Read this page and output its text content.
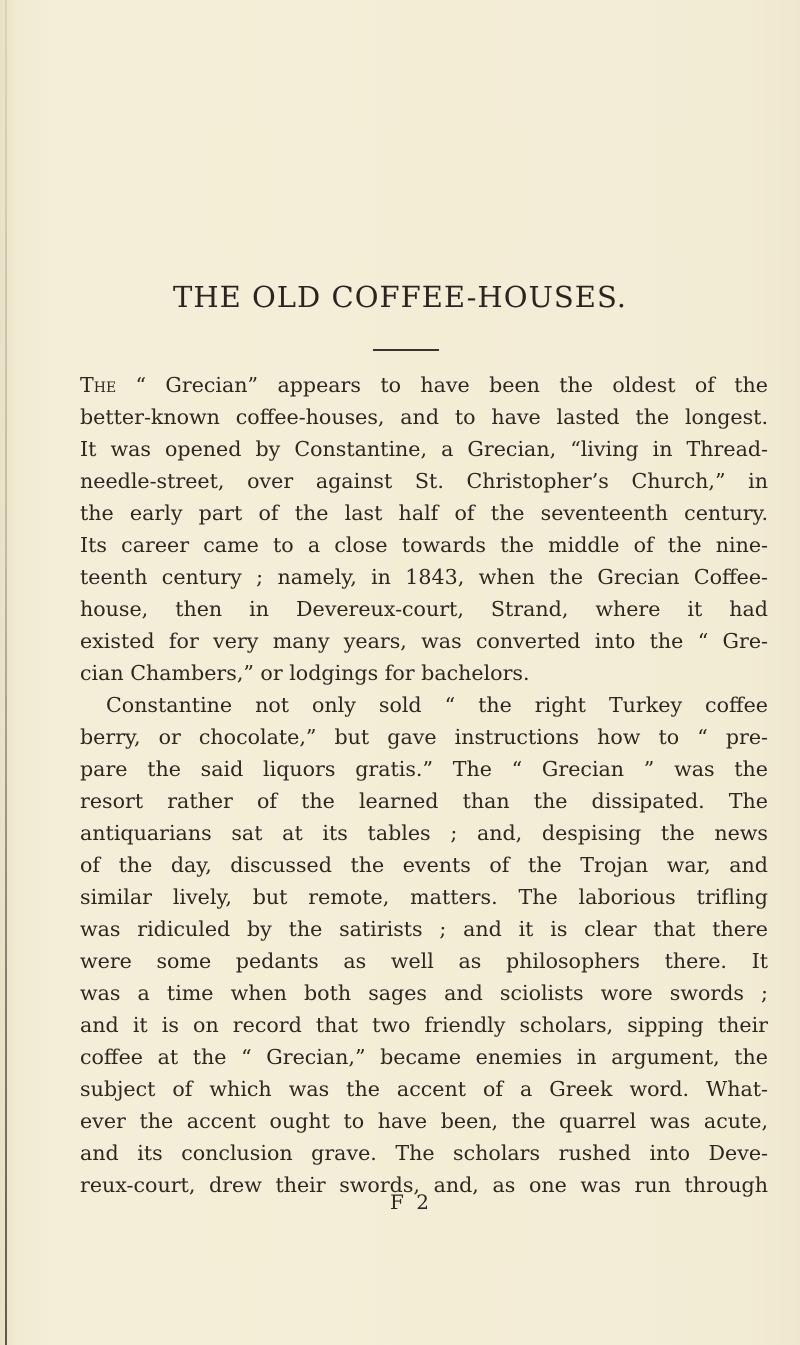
THE OLD COFFEE-HOUSES.
The “ Grecian” appears to have been the oldest of the
better-known coffee-houses, and to have lasted the longest.
It was opened by Constantine, a Grecian, “living in Thread-
needle-street, over against St. Christopher’s Church,” in
the early part of the last half of the seventeenth century.
Its career came to a close towards the middle of the nine-
teenth century ; namely, in 1843, when the Grecian Coffee-
house, then in Devereux-court, Strand, where it had
existed for very many years, was converted into the “ Gre-
cian Chambers,” or lodgings for bachelors.
Constantine not only sold “ the right Turkey coffee
berry, or chocolate,” but gave instructions how to “ pre-
pare the said liquors gratis.” The “ Grecian ” was the
resort rather of the learned than the dissipated. The
antiquarians sat at its tables ; and, despising the news
of the day, discussed the events of the Trojan war, and
similar lively, but remote, matters. The laborious trifling
was ridiculed by the satirists ; and it is clear that there
were some pedants as well as philosophers there. It
was a time when both sages and sciolists wore swords ;
and it is on record that two friendly scholars, sipping their
coffee at the “ Grecian,” became enemies in argument, the
subject of which was the accent of a Greek word. What-
ever the accent ought to have been, the quarrel was acute,
and its conclusion grave. The scholars rushed into Deve-
reux-court, drew their swords, and, as one was run through
F 2
